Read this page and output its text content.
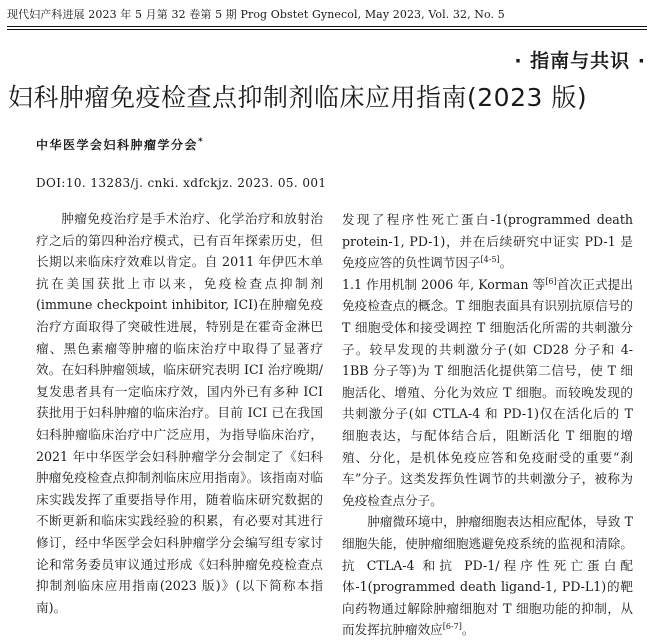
现代妇产科进展 2023 年 5 月第 32 卷第 5 期 Prog Obstet Gynecol, May 2023, Vol. 32, No. 5
· 指南与共识 ·
妇科肿瘤免疫检查点抑制剂临床应用指南(2023 版)
中华医学会妇科肿瘤学分会*
DOI:10. 13283/j. cnki. xdfckjz. 2023. 05. 001

肿瘤免疫治疗是手术治疗、化学治疗和放射治疗之后的第四种治疗模式，已有百年探索历史，但长期以来临床疗效难以肯定。自 2011 年伊匹木单抗在美国获批上市以来，免疫检查点抑制剂(immune checkpoint inhibitor, ICI)在肿瘤免疫治疗方面取得了突破性进展，特别是在霍奇金淋巴瘤、黑色素瘤等肿瘤的临床治疗中取得了显著疗效。在妇科肿瘤领域，临床研究表明 ICI 治疗晚期/复发患者具有一定临床疗效，国内外已有多种 ICI 获批用于妇科肿瘤的临床治疗。目前 ICI 已在我国妇科肿瘤临床治疗中广泛应用，为指导临床治疗，2021 年中华医学会妇科肿瘤学分会制定了《妇科肿瘤免疫检查点抑制剂临床应用指南》。该指南对临床实践发挥了重要指导作用，随着临床研究数据的不断更新和临床实践经验的积累，有必要对其进行修订，经中华医学会妇科肿瘤学分会编写组专家讨论和常务委员审议通过形成《妇科肿瘤免疫检查点抑制剂临床应用指南(2023 版)》(以下简称本指南)。

发现了程序性死亡蛋白-1(programmed death protein-1, PD-1)，并在后续研究中证实 PD-1 是免疫应答的负性调节因子[4-5]。

1.1 作用机制 2006 年, Korman 等[6]首次正式提出免疫检查点的概念。T 细胞表面具有识别抗原信号的 T 细胞受体和接受调控 T 细胞活化所需的共刺激分子。较早发现的共刺激分子(如 CD28 分子和 4-1BB 分子等)为 T 细胞活化提供第二信号，使 T 细胞活化、增殖、分化为效应 T 细胞。而较晚发现的共刺激分子(如 CTLA-4 和 PD-1)仅在活化后的 T 细胞表达，与配体结合后，阻断活化 T 细胞的增殖、分化，是机体免疫应答和免疫耐受的重要“刹车”分子。这类发挥负性调节的共刺激分子，被称为免疫检查点分子。

肿瘤微环境中，肿瘤细胞表达相应配体，导致 T 细胞失能，使肿瘤细胞逃避免疫系统的监视和清除。抗 CTLA-4 和抗 PD-1/程序性死亡蛋白配体-1(programmed death ligand-1, PD-L1)的靶向药物通过解除肿瘤细胞对 T 细胞功能的抑制，从而发挥抗肿瘤效应[6-7]。
